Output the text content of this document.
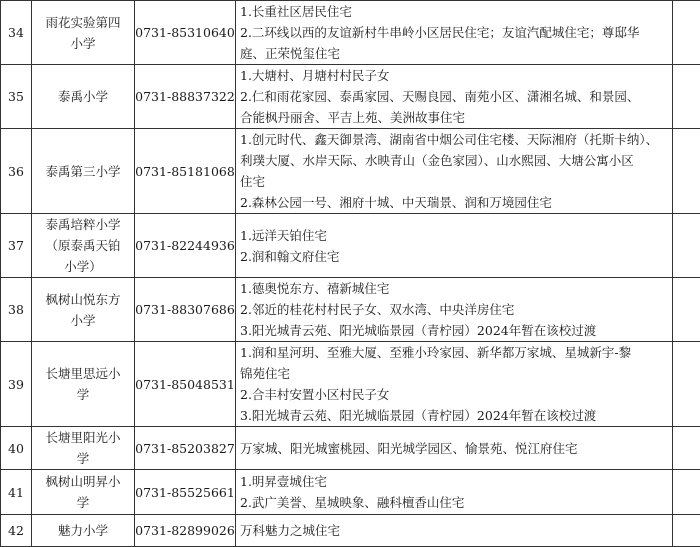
34	雨花实验第四
小学	0731-85310640	1.长重社区居民住宅
2.二环线以西的友谊新村牛串岭小区居民住宅；友谊汽配城住宅；尊邸华
庭、正荣悦玺住宅	

35	泰禹小学	0731-88837322	1.大塘村、月塘村村民子女
2.仁和雨花家园、泰禹家园、天赐良园、南苑小区、潇湘名城、和景园、
合能枫丹丽舍、平吉上苑、美洲故事住宅	

36	泰禹第三小学	0731-85181068	1.创元时代、鑫天御景湾、湖南省中烟公司住宅楼、天际湘府（托斯卡纳）、
利璞大厦、水岸天际、水映青山（金色家园）、山水熙园、大塘公寓小区
住宅
2.森林公园一号、湘府十城、中天瑞景、润和万境园住宅	

37	泰禹培粹小学
（原泰禹天铂
小学）	0731-82244936	1.远洋天铂住宅
2.润和翰文府住宅	

38	枫树山悦东方
小学	0731-88307686	1.德奥悦东方、禧新城住宅
2.邻近的桂花村村民子女、双水湾、中央洋房住宅
3.阳光城青云苑、阳光城临景园（青柠园）2024年暂在该校过渡	

39	长塘里思远小
学	0731-85048531	1.润和星河玥、至雅大厦、至雅小玲家园、新华都万家城、星城新宇-黎
锦苑住宅
2.合丰村安置小区村民子女
3.阳光城青云苑、阳光城临景园（青柠园）2024年暂在该校过渡	

40	长塘里阳光小
学	0731-85203827	万家城、阳光城蜜桃园、阳光城学园区、愉景苑、悦江府住宅	

41	枫树山明昇小
学	0731-85525661	1.明昇壹城住宅
2.武广美誉、星城映象、融科檀香山住宅	

42	魅力小学	0731-82899026	万科魅力之城住宅	
